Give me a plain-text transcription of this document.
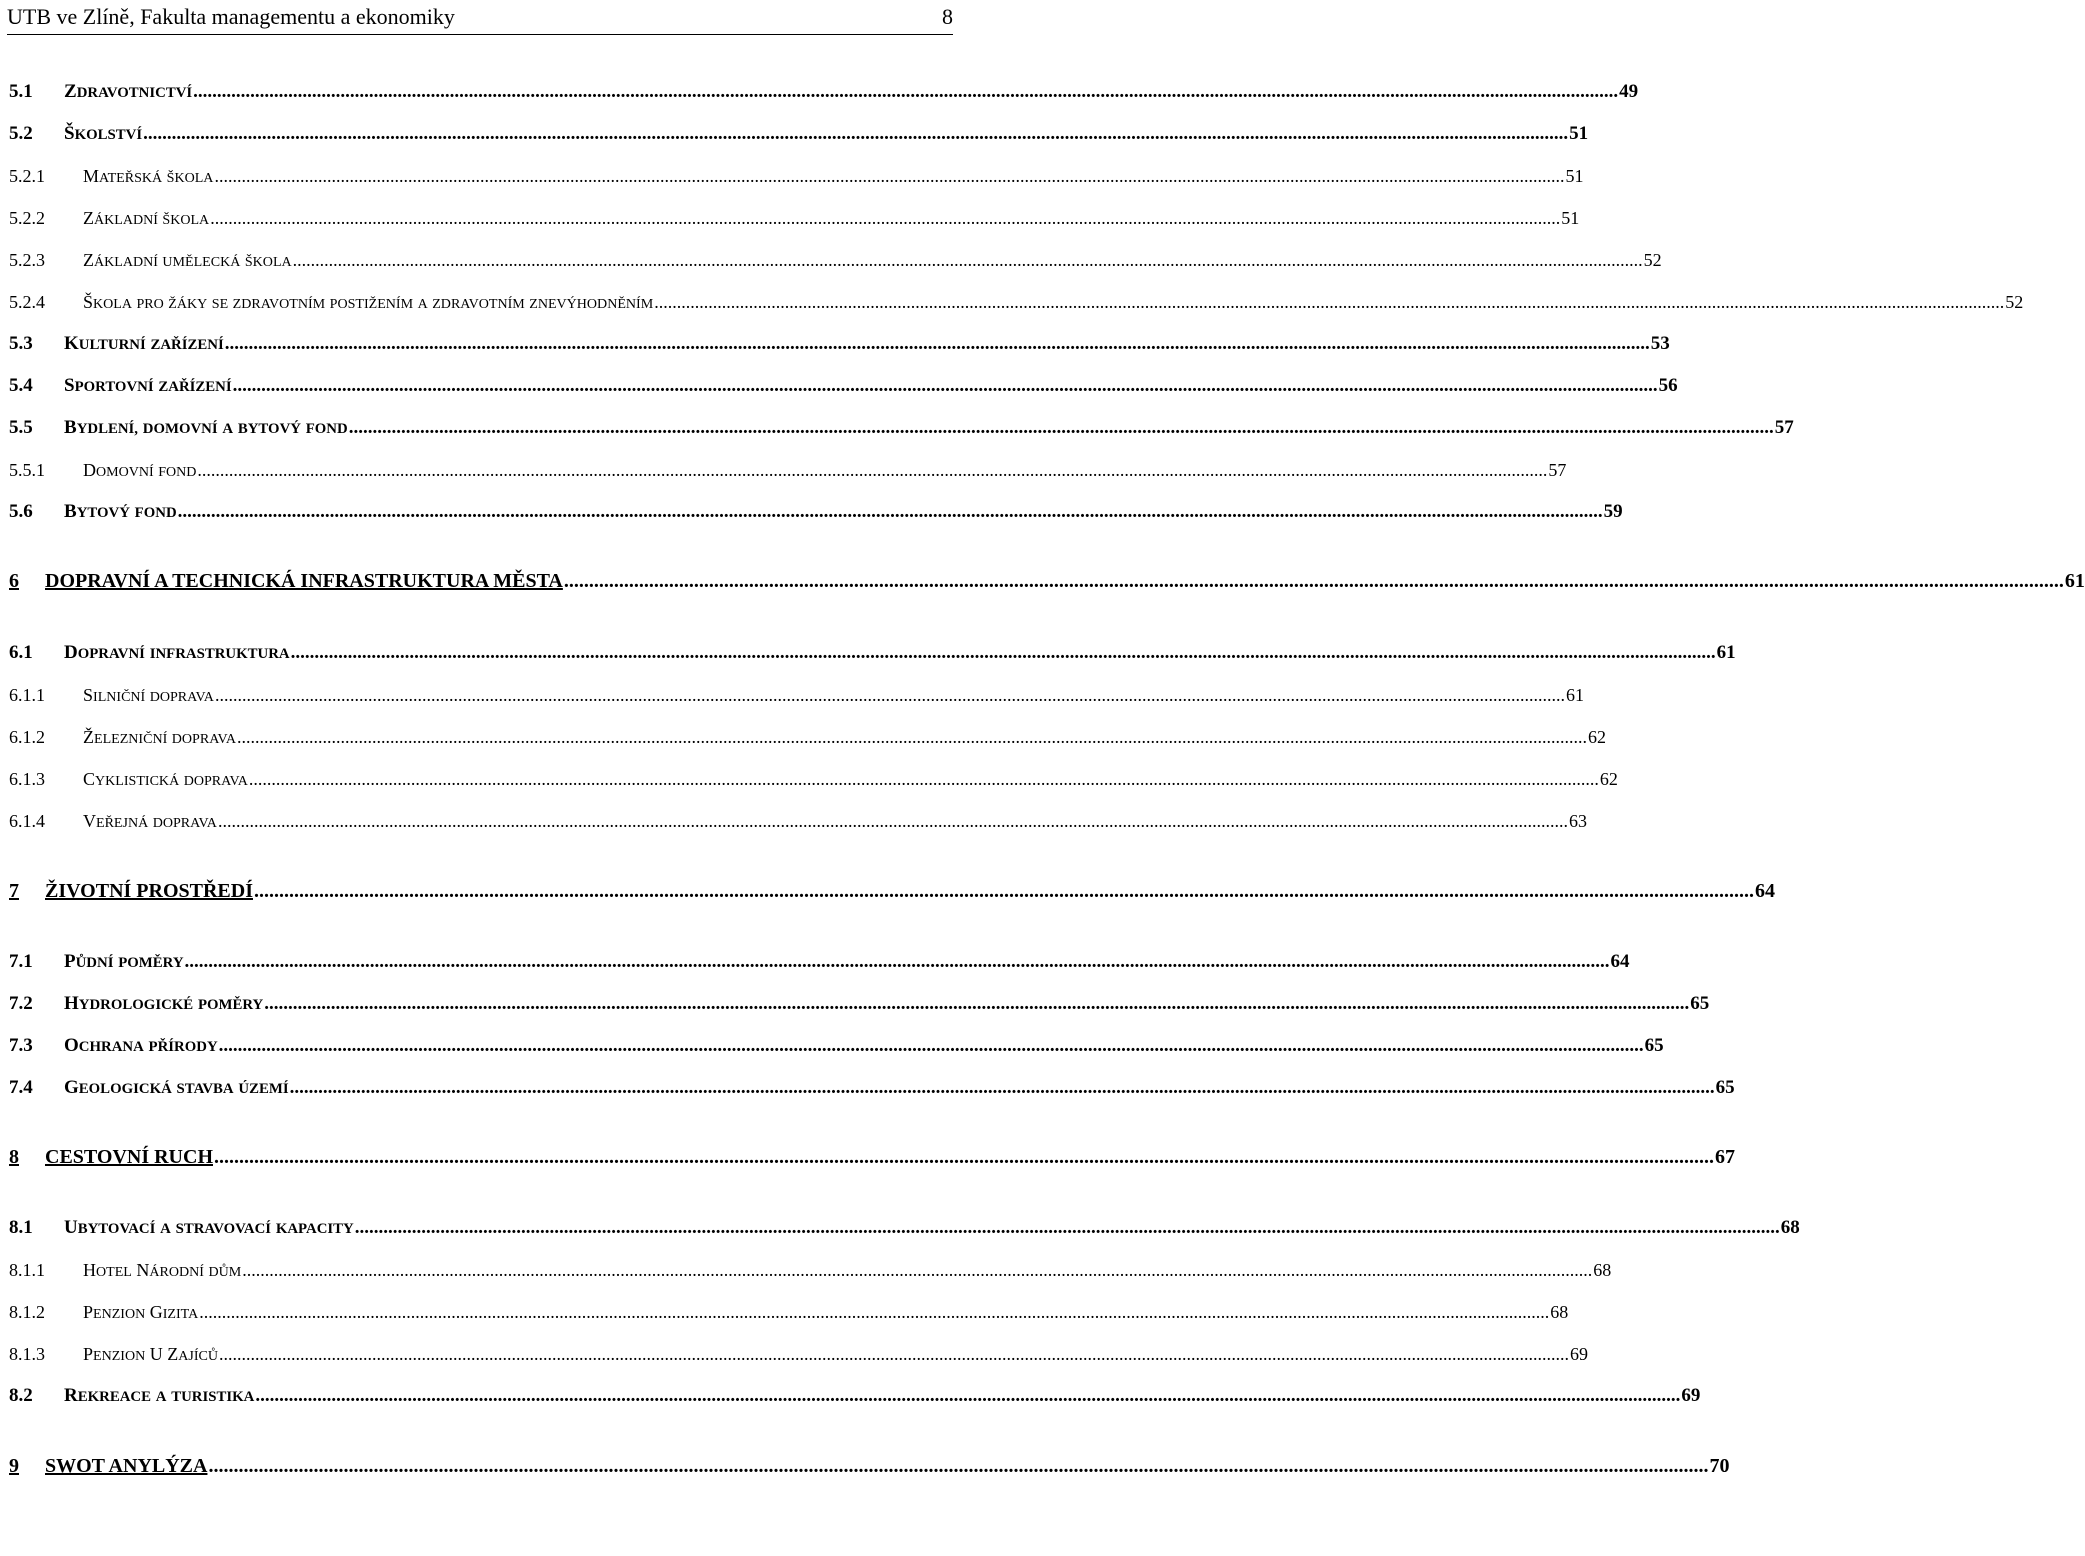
UTB ve Zlíně, Fakulta managementu a ekonomiky	8
5.1	ZDRAVOTNICTVÍ ............................................................................................................................................................................................................................................................................................................ 49
5.2	ŠKOLSTVÍ ............................................................................................................................................................................................................................................................................................................ 51
5.2.1	MATEŘSKÁ ŠKOLA ............................................................................................................................................................................................................................................................................................................ 51
5.2.2	ZÁKLADNÍ ŠKOLA ............................................................................................................................................................................................................................................................................................................ 51
5.2.3	ZÁKLADNÍ UMĚLECKÁ ŠKOLA ............................................................................................................................................................................................................................................................................................................ 52
5.2.4	ŠKOLA PRO ŽÁKY SE ZDRAVOTNÍM POSTIŽENÍM A ZDRAVOTNÍM ZNEVÝHODNĚNÍM ............................................................................................................................................................................................................................................................................................................ 52
5.3	KULTURNÍ ZAŘÍZENÍ ............................................................................................................................................................................................................................................................................................................ 53
5.4	SPORTOVNÍ ZAŘÍZENÍ ............................................................................................................................................................................................................................................................................................................ 56
5.5	BYDLENÍ, DOMOVNÍ A BYTOVÝ FOND ............................................................................................................................................................................................................................................................................................................ 57
5.5.1	DOMOVNÍ FOND ............................................................................................................................................................................................................................................................................................................ 57
5.6	BYTOVÝ FOND ............................................................................................................................................................................................................................................................................................................ 59
6	DOPRAVNÍ A TECHNICKÁ INFRASTRUKTURA MĚSTA ............................................................................................................................................................................................................................................................................................................ 61
6.1	DOPRAVNÍ INFRASTRUKTURA ............................................................................................................................................................................................................................................................................................................ 61
6.1.1	SILNIČNÍ DOPRAVA ............................................................................................................................................................................................................................................................................................................ 61
6.1.2	ŽELEZNIČNÍ DOPRAVA ............................................................................................................................................................................................................................................................................................................ 62
6.1.3	CYKLISTICKÁ DOPRAVA ............................................................................................................................................................................................................................................................................................................ 62
6.1.4	VEŘEJNÁ DOPRAVA ............................................................................................................................................................................................................................................................................................................ 63
7	ŽIVOTNÍ PROSTŘEDÍ ............................................................................................................................................................................................................................................................................................................ 64
7.1	PŮDNÍ POMĚRY ............................................................................................................................................................................................................................................................................................................ 64
7.2	HYDROLOGICKÉ POMĚRY ............................................................................................................................................................................................................................................................................................................ 65
7.3	OCHRANA PŘÍRODY ............................................................................................................................................................................................................................................................................................................ 65
7.4	GEOLOGICKÁ STAVBA ÚZEMÍ ............................................................................................................................................................................................................................................................................................................ 65
8	CESTOVNÍ RUCH ............................................................................................................................................................................................................................................................................................................ 67
8.1	UBYTOVACÍ A STRAVOVACÍ KAPACITY ............................................................................................................................................................................................................................................................................................................ 68
8.1.1	HOTEL NÁRODNÍ DŮM ............................................................................................................................................................................................................................................................................................................ 68
8.1.2	PENZION GIZITA ............................................................................................................................................................................................................................................................................................................ 68
8.1.3	PENZION U ZAJÍCŮ ............................................................................................................................................................................................................................................................................................................ 69
8.2	REKREACE A TURISTIKA ............................................................................................................................................................................................................................................................................................................ 69
9	SWOT ANYLÝZA ............................................................................................................................................................................................................................................................................................................ 70
